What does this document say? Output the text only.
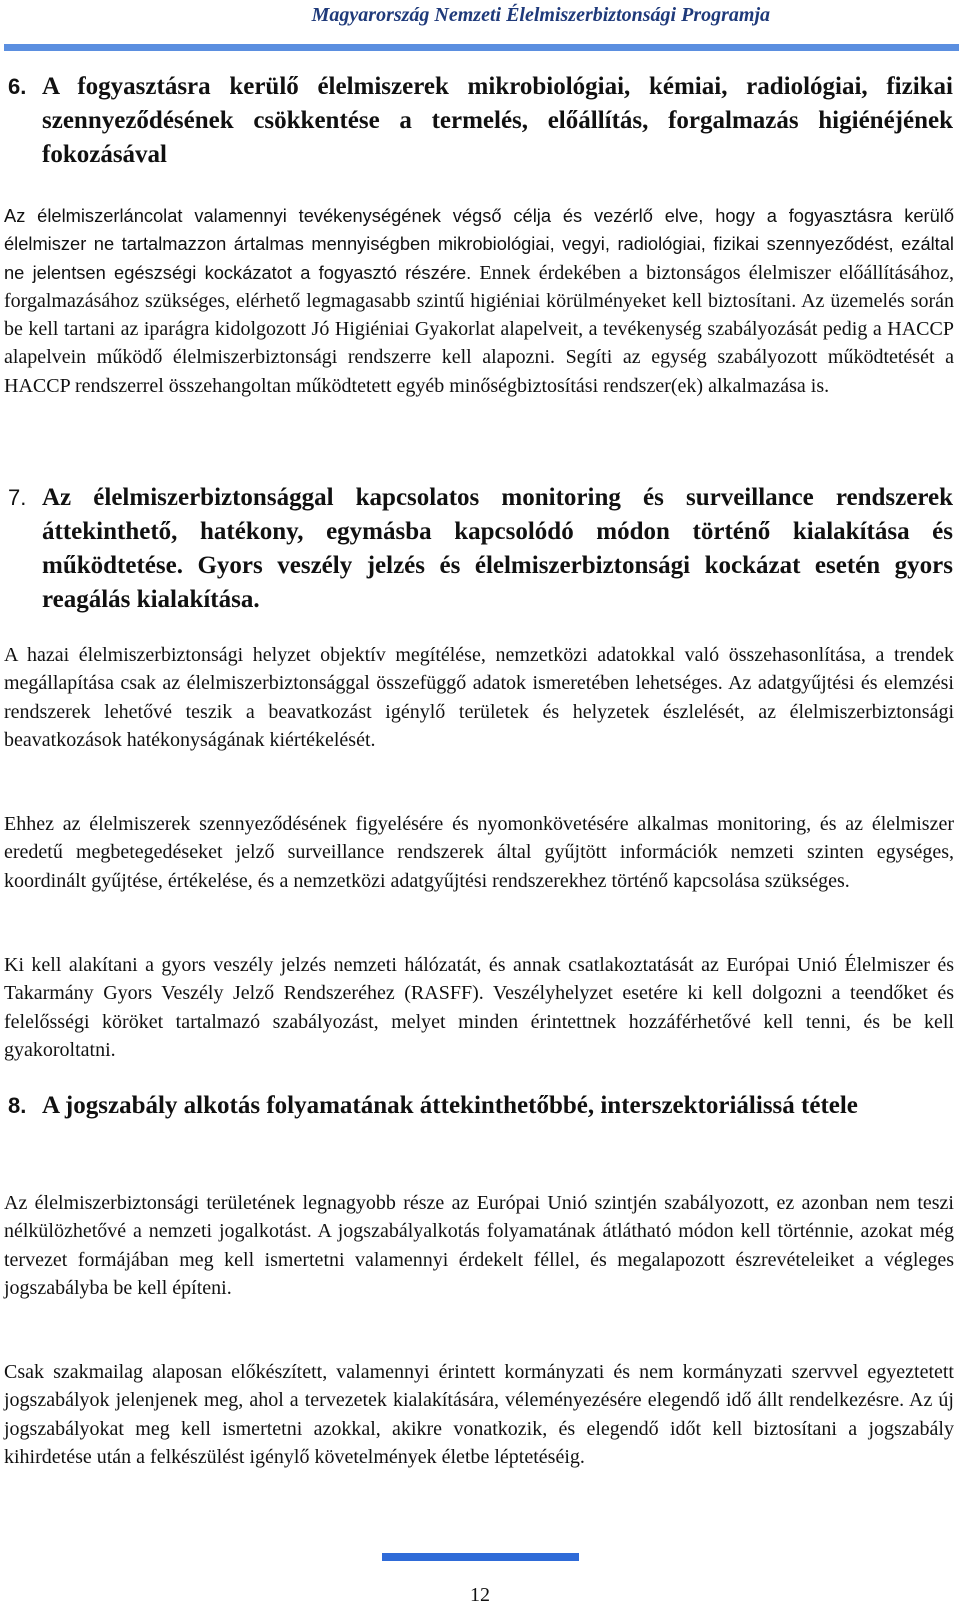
Magyarország Nemzeti Élelmiszerbiztonsági Programja
6. A fogyasztásra kerülő élelmiszerek mikrobiológiai, kémiai, radiológiai, fizikai szennyeződésének csökkentése a termelés, előállítás, forgalmazás higiénéjének fokozásával
Az élelmiszerláncolat valamennyi tevékenységének végső célja és vezérlő elve, hogy a fogyasztásra kerülő élelmiszer ne tartalmazzon ártalmas mennyiségben mikrobiológiai, vegyi, radiológiai, fizikai szennyeződést, ezáltal ne jelentsen egészségi kockázatot a fogyasztó részére. Ennek érdekében a biztonságos élelmiszer előállításához, forgalmazásához szükséges, elérhető legmagasabb szintű higiéniai körülményeket kell biztosítani. Az üzemelés során be kell tartani az iparágra kidolgozott Jó Higiéniai Gyakorlat alapelveit, a tevékenység szabályozását pedig a HACCP alapelvein működő élelmiszerbiztonsági rendszerre kell alapozni. Segíti az egység szabályozott működtetését a HACCP rendszerrel összehangoltan működtetett egyéb minőségbiztosítási rendszer(ek) alkalmazása is.
7. Az élelmiszerbiztonsággal kapcsolatos monitoring és surveillance rendszerek áttekinthető, hatékony, egymásba kapcsolódó módon történő kialakítása és működtetése. Gyors veszély jelzés és élelmiszerbiztonsági kockázat esetén gyors reagálás kialakítása.
A hazai élelmiszerbiztonsági helyzet objektív megítélése, nemzetközi adatokkal való összehasonlítása, a trendek megállapítása csak az élelmiszerbiztonsággal összefüggő adatok ismeretében lehetséges. Az adatgyűjtési és elemzési rendszerek lehetővé teszik a beavatkozást igénylő területek és helyzetek észlelését, az élelmiszerbiztonsági beavatkozások hatékonyságának kiértékelését.
Ehhez az élelmiszerek szennyeződésének figyelésére és nyomonkövetésére alkalmas monitoring, és az élelmiszer eredetű megbetegedéseket jelző surveillance rendszerek által gyűjtött információk nemzeti szinten egységes, koordinált gyűjtése, értékelése, és a nemzetközi adatgyűjtési rendszerekhez történő kapcsolása szükséges.
Ki kell alakítani a gyors veszély jelzés nemzeti hálózatát, és annak csatlakoztatását az Európai Unió Élelmiszer és Takarmány Gyors Veszély Jelző Rendszeréhez (RASFF). Veszélyhelyzet esetére ki kell dolgozni a teendőket és felelősségi köröket tartalmazó szabályozást, melyet minden érintettnek hozzáférhetővé kell tenni, és be kell gyakoroltatni.
8. A jogszabály alkotás folyamatának áttekinthetőbbé, interszektoriálissá tétele
Az élelmiszerbiztonsági területének legnagyobb része az Európai Unió szintjén szabályozott, ez azonban nem teszi nélkülözhetővé a nemzeti jogalkotást. A jogszabályalkotás folyamatának átlátható módon kell történnie, azokat még tervezet formájában meg kell ismertetni valamennyi érdekelt féllel, és megalapozott észrevételeiket a végleges jogszabályba be kell építeni.
Csak szakmailag alaposan előkészített, valamennyi érintett kormányzati és nem kormányzati szervvel egyeztetett jogszabályok jelenjenek meg, ahol a tervezetek kialakítására, véleményezésére elegendő idő állt rendelkezésre. Az új jogszabályokat meg kell ismertetni azokkal, akikre vonatkozik, és elegendő időt kell biztosítani a jogszabály kihirdetése után a felkészülést igénylő követelmények életbe léptetéséig.
12
